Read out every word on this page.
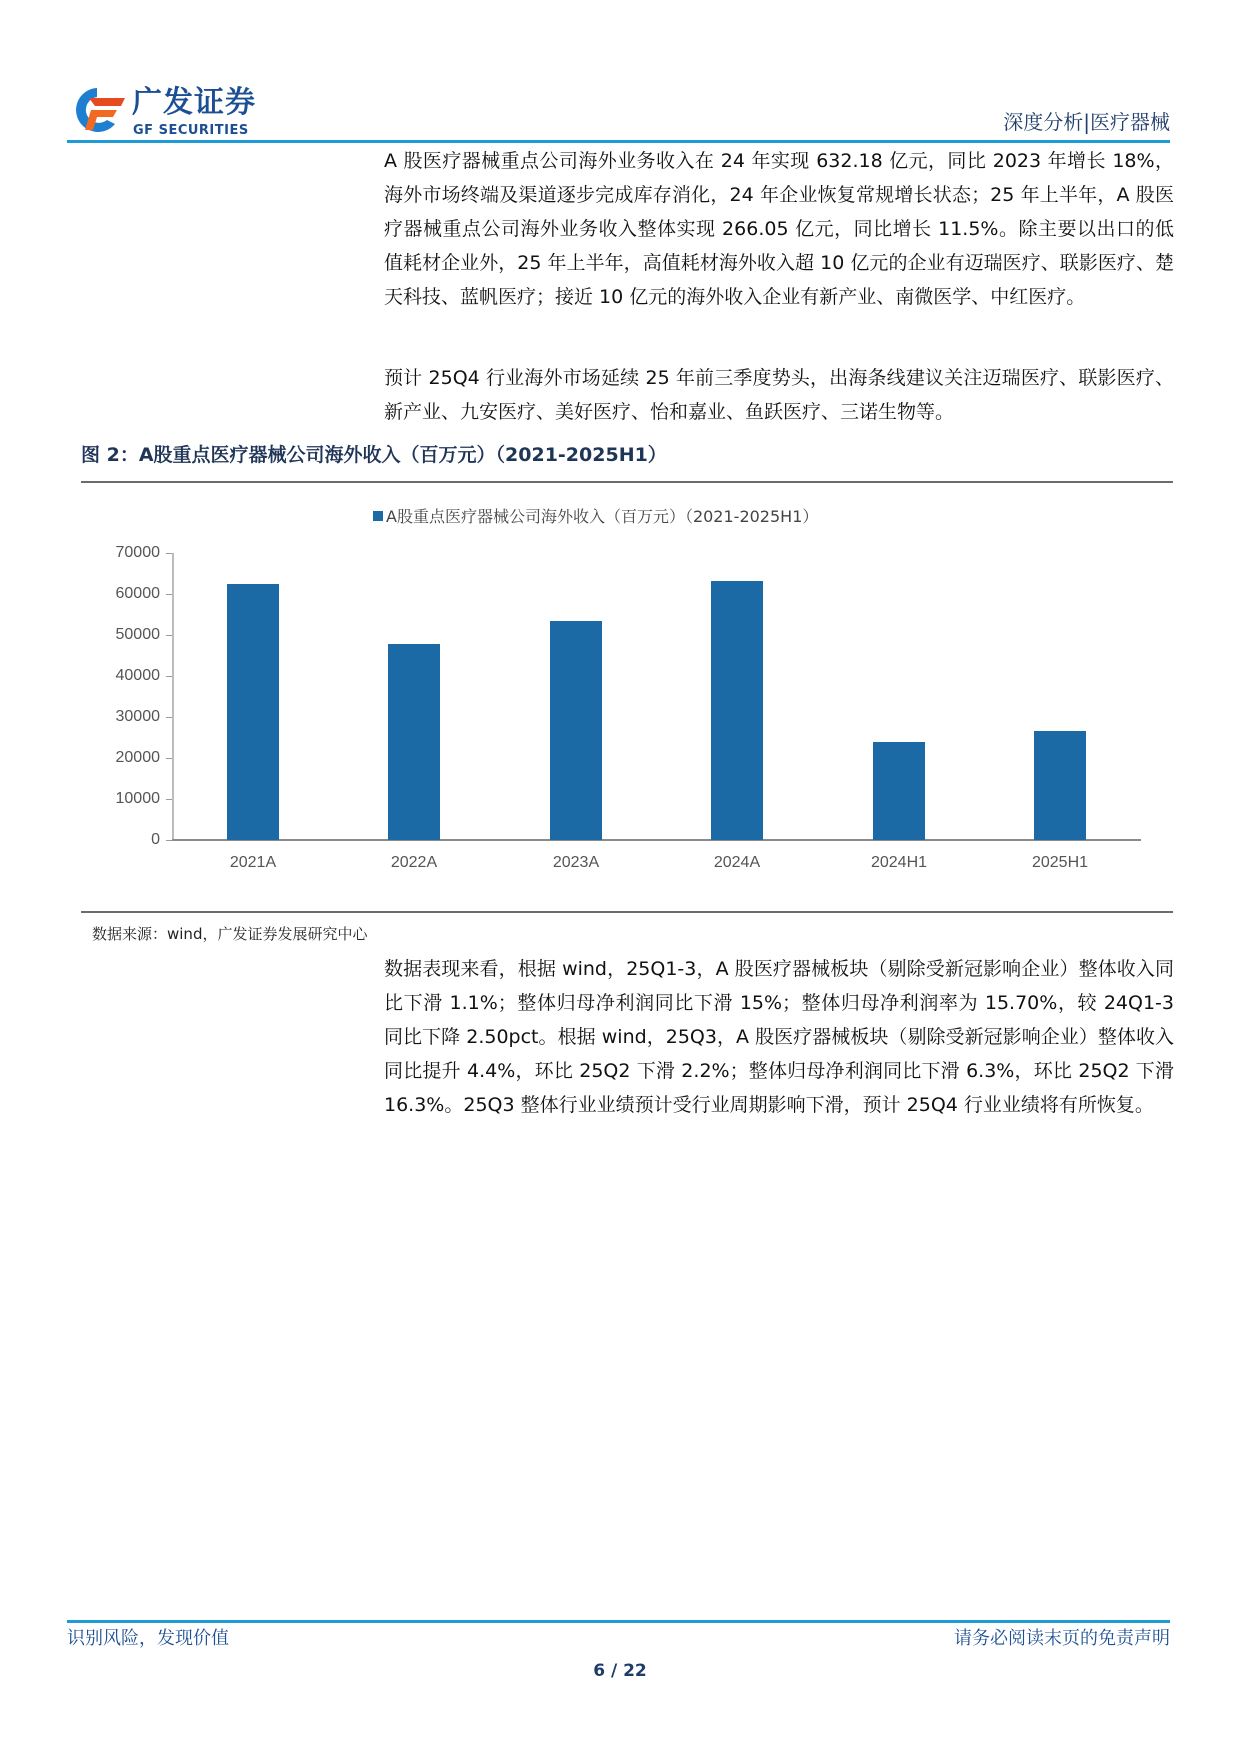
广发证券
GF SECURITIES	深度分析|医疗器械

A 股医疗器械重点公司海外业务收入在 24 年实现 632.18 亿元，同比 2023 年增长 18%，海外市场终端及渠道逐步完成库存消化，24 年企业恢复常规增长状态；25 年上半年，A 股医疗器械重点公司海外业务收入整体实现 266.05 亿元，同比增长 11.5%。除主要以出口的低值耗材企业外，25 年上半年，高值耗材海外收入超 10 亿元的企业有迈瑞医疗、联影医疗、楚天科技、蓝帆医疗；接近 10 亿元的海外收入企业有新产业、南微医学、中红医疗。

预计 25Q4 行业海外市场延续 25 年前三季度势头，出海条线建议关注迈瑞医疗、联影医疗、新产业、九安医疗、美好医疗、怡和嘉业、鱼跃医疗、三诺生物等。

图 2：A股重点医疗器械公司海外收入（百万元）（2021-2025H1）
A股重点医疗器械公司海外收入（百万元）（2021-2025H1）
0
10000
20000
30000
40000
50000
60000
70000
2021A	2022A	2023A	2024A	2024H1	2025H1
数据来源：wind，广发证券发展研究中心

数据表现来看，根据 wind，25Q1-3，A 股医疗器械板块（剔除受新冠影响企业）整体收入同比下滑 1.1%；整体归母净利润同比下滑 15%；整体归母净利润率为 15.70%，较 24Q1-3 同比下降 2.50pct。根据 wind，25Q3，A 股医疗器械板块（剔除受新冠影响企业）整体收入同比提升 4.4%，环比 25Q2 下滑 2.2%；整体归母净利润同比下滑 6.3%，环比 25Q2 下滑 16.3%。25Q3 整体行业业绩预计受行业周期影响下滑，预计 25Q4 行业业绩将有所恢复。

识别风险，发现价值	请务必阅读末页的免责声明
6 / 22
